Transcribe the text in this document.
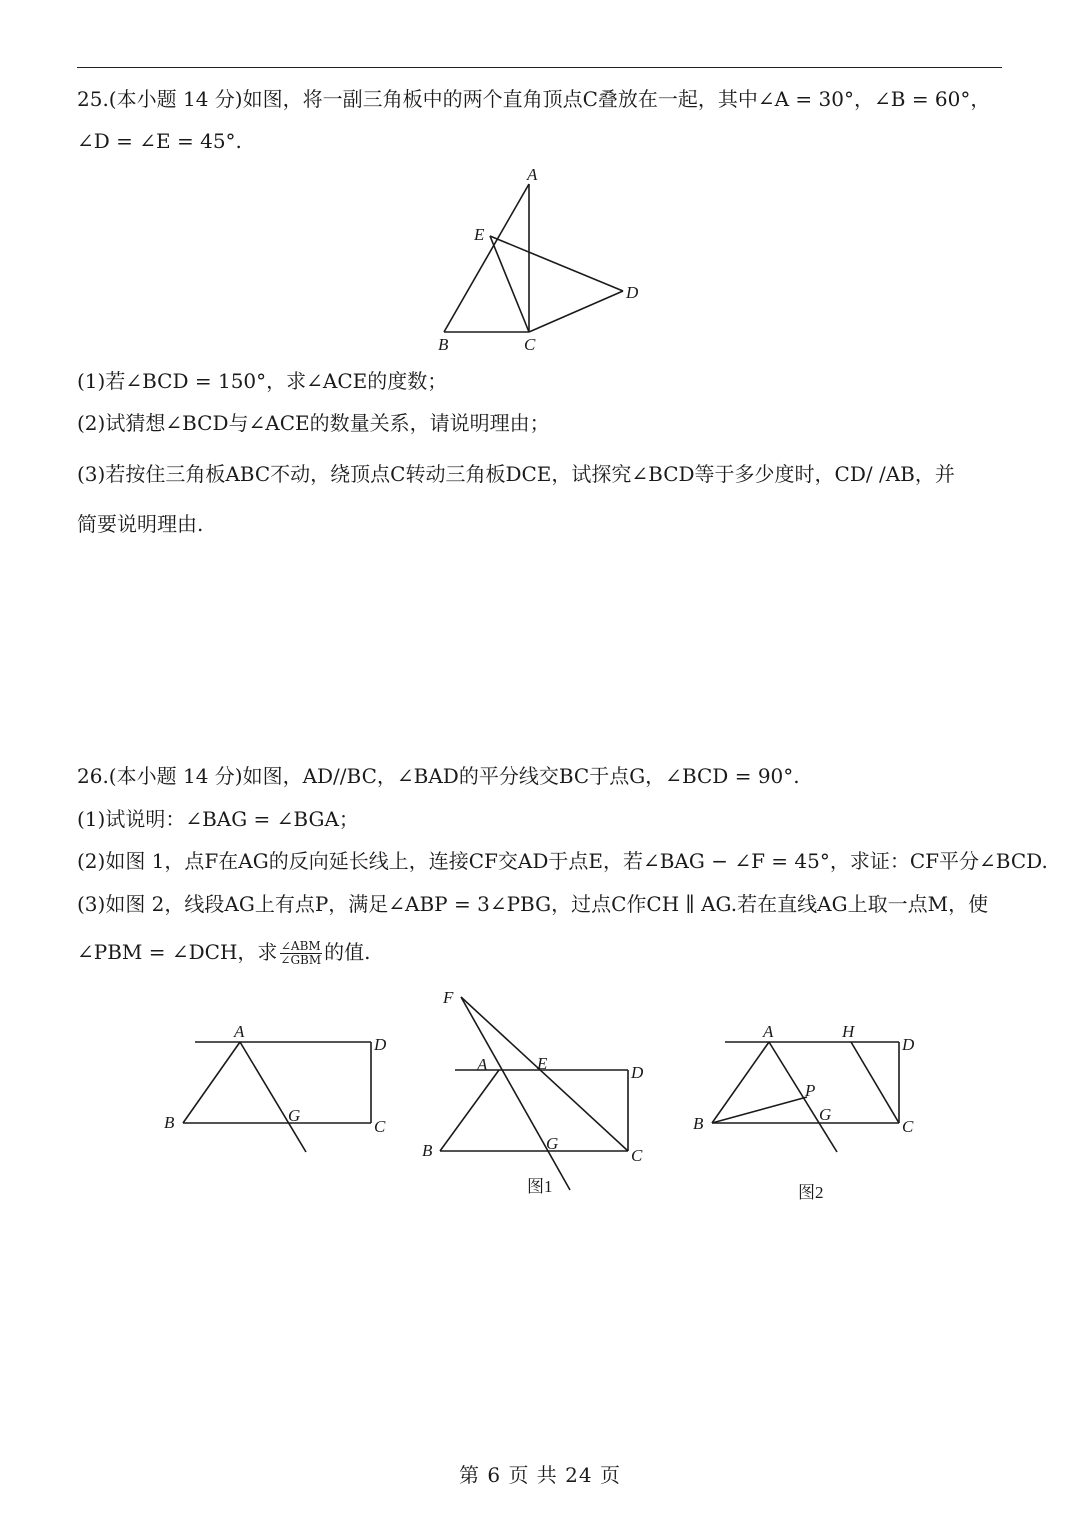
25.(本小题 14 分)如图，将一副三角板中的两个直角顶点C叠放在一起，其中∠A = 30°，∠B = 60°，
∠D = ∠E = 45°.
A
E
D
B	C
(1)若∠BCD = 150°，求∠ACE的度数；
(2)试猜想∠BCD与∠ACE的数量关系，请说明理由；
(3)若按住三角板ABC不动，绕顶点C转动三角板DCE，试探究∠BCD等于多少度时，CD/ /AB，并
简要说明理由.
26.(本小题 14 分)如图，AD//BC，∠BAD的平分线交BC于点G，∠BCD = 90°.
(1)试说明：∠BAG = ∠BGA；
(2)如图 1，点F在AG的反向延长线上，连接CF交AD于点E，若∠BAG − ∠F = 45°，求证：CF平分∠BCD.
(3)如图 2，线段AG上有点P，满足∠ABP = 3∠PBG，过点C作CH ∥ AG.若在直线AG上取一点M，使
∠PBM = ∠DCH，求 $\frac{\text{∠ABM}}{\text{∠GBM}}$ 的值.
A
D
B	G
C
F
A	E	D
B	G
C
图1
A	H
D
P
B	G
C
图2
第 6 页 共 24 页
